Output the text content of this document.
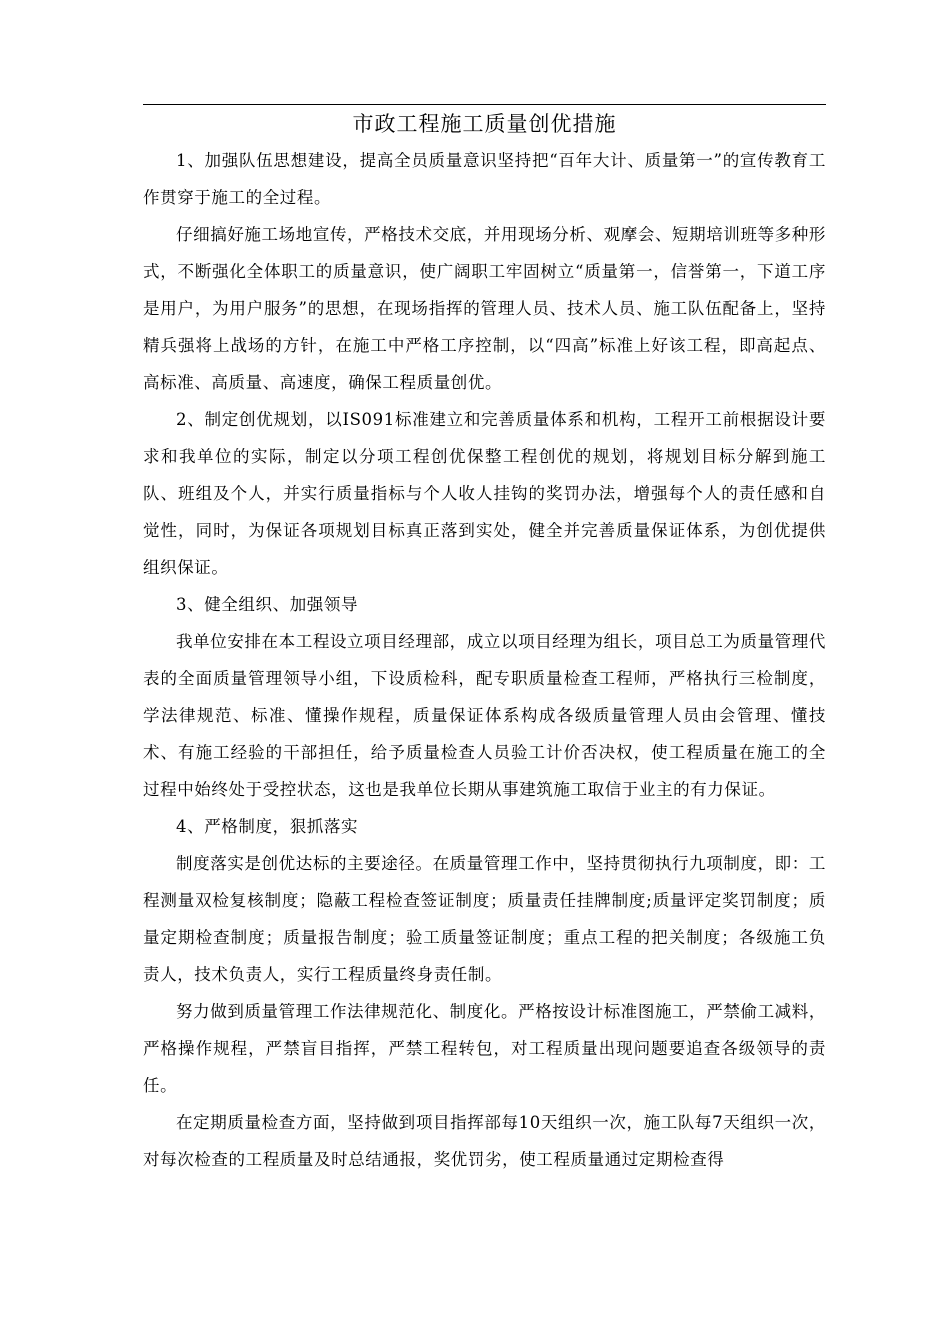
市政工程施工质量创优措施

1、加强队伍思想建设，提高全员质量意识坚持把“百年大计、质量第一”的宣传教育工作贯穿于施工的全过程。

仔细搞好施工场地宣传，严格技术交底，并用现场分析、观摩会、短期培训班等多种形式，不断强化全体职工的质量意识，使广阔职工牢固树立“质量第一，信誉第一，下道工序是用户，为用户服务”的思想，在现场指挥的管理人员、技术人员、施工队伍配备上，坚持精兵强将上战场的方针，在施工中严格工序控制，以“四高”标准上好该工程，即高起点、高标准、高质量、高速度，确保工程质量创优。

2、制定创优规划，以IS091标准建立和完善质量体系和机构，工程开工前根据设计要求和我单位的实际，制定以分项工程创优保整工程创优的规划，将规划目标分解到施工队、班组及个人，并实行质量指标与个人收人挂钩的奖罚办法，增强每个人的责任感和自觉性，同时，为保证各项规划目标真正落到实处，健全并完善质量保证体系，为创优提供组织保证。

3、健全组织、加强领导

我单位安排在本工程设立项目经理部，成立以项目经理为组长，项目总工为质量管理代表的全面质量管理领导小组，下设质检科，配专职质量检查工程师，严格执行三检制度，学法律规范、标准、懂操作规程，质量保证体系构成各级质量管理人员由会管理、懂技术、有施工经验的干部担任，给予质量检查人员验工计价否决权，使工程质量在施工的全过程中始终处于受控状态，这也是我单位长期从事建筑施工取信于业主的有力保证。

4、严格制度，狠抓落实

制度落实是创优达标的主要途径。在质量管理工作中，坚持贯彻执行九项制度，即：工程测量双检复核制度；隐蔽工程检查签证制度；质量责任挂牌制度;质量评定奖罚制度；质量定期检查制度；质量报告制度；验工质量签证制度；重点工程的把关制度；各级施工负责人，技术负责人，实行工程质量终身责任制。

努力做到质量管理工作法律规范化、制度化。严格按设计标准图施工，严禁偷工减料，严格操作规程，严禁盲目指挥，严禁工程转包，对工程质量出现问题要追查各级领导的责任。

在定期质量检查方面，坚持做到项目指挥部每10天组织一次，施工队每7天组织一次，对每次检查的工程质量及时总结通报，奖优罚劣，使工程质量通过定期检查得
